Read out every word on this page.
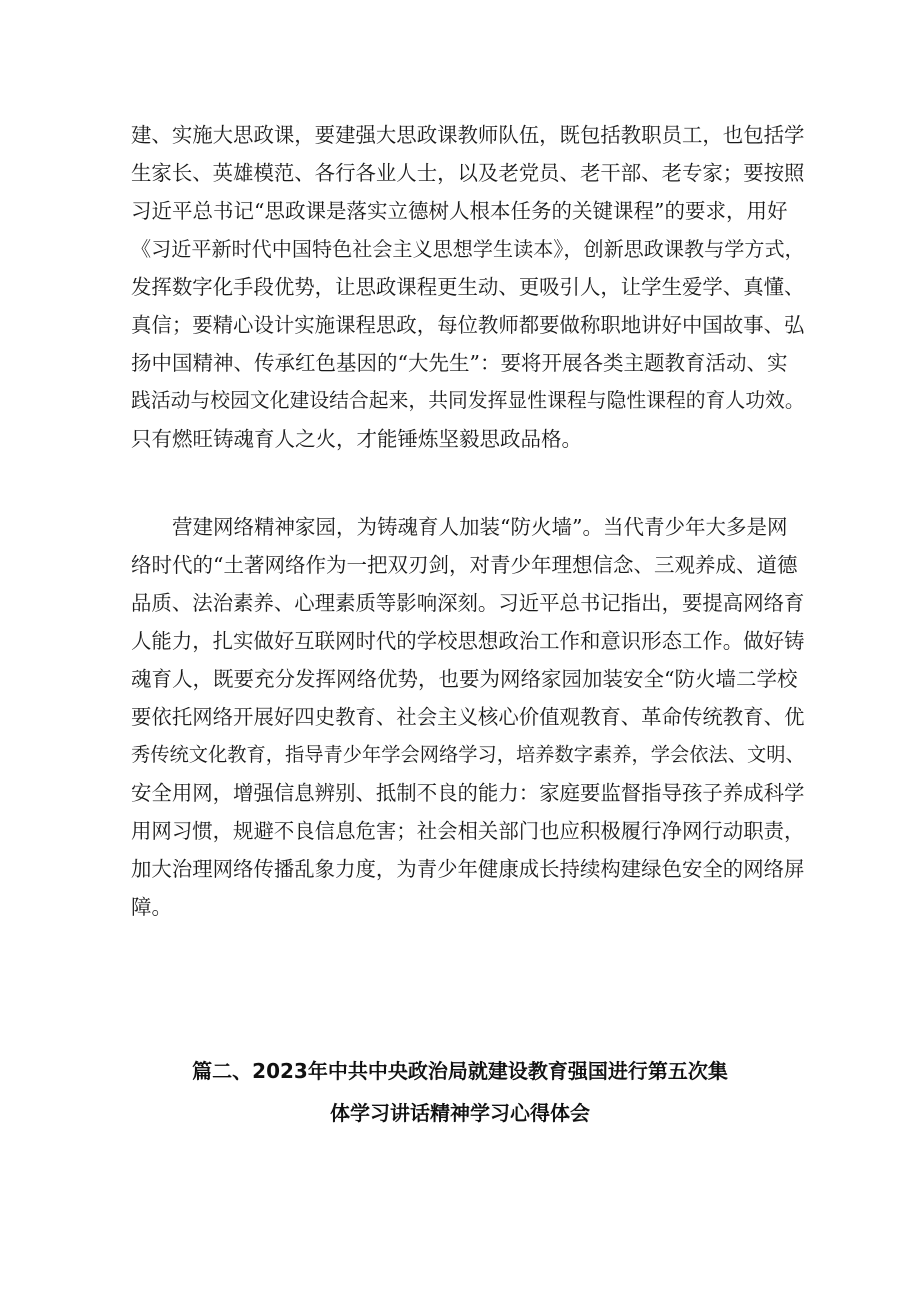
建、实施大思政课，要建强大思政课教师队伍，既包括教职员工，也包括学
生家长、英雄模范、各行各业人士，以及老党员、老干部、老专家；要按照
习近平总书记“思政课是落实立德树人根本任务的关键课程”的要求，用好
《习近平新时代中国特色社会主义思想学生读本》，创新思政课教与学方式，
发挥数字化手段优势，让思政课程更生动、更吸引人，让学生爱学、真懂、
真信；要精心设计实施课程思政，每位教师都要做称职地讲好中国故事、弘
扬中国精神、传承红色基因的“大先生”：要将开展各类主题教育活动、实
践活动与校园文化建设结合起来，共同发挥显性课程与隐性课程的育人功效。
只有燃旺铸魂育人之火，才能锤炼坚毅思政品格。
营建网络精神家园，为铸魂育人加装“防火墙”。当代青少年大多是网
络时代的“土著网络作为一把双刃剑，对青少年理想信念、三观养成、道德
品质、法治素养、心理素质等影响深刻。习近平总书记指出，要提高网络育
人能力，扎实做好互联网时代的学校思想政治工作和意识形态工作。做好铸
魂育人，既要充分发挥网络优势，也要为网络家园加装安全“防火墙二学校
要依托网络开展好四史教育、社会主义核心价值观教育、革命传统教育、优
秀传统文化教育，指导青少年学会网络学习，培养数字素养，学会依法、文明、
安全用网，增强信息辨别、抵制不良的能力：家庭要监督指导孩子养成科学
用网习惯，规避不良信息危害；社会相关部门也应积极履行净网行动职责，
加大治理网络传播乱象力度，为青少年健康成长持续构建绿色安全的网络屏
障。
篇二、2023年中共中央政治局就建设教育强国进行第五次集
体学习讲话精神学习心得体会
